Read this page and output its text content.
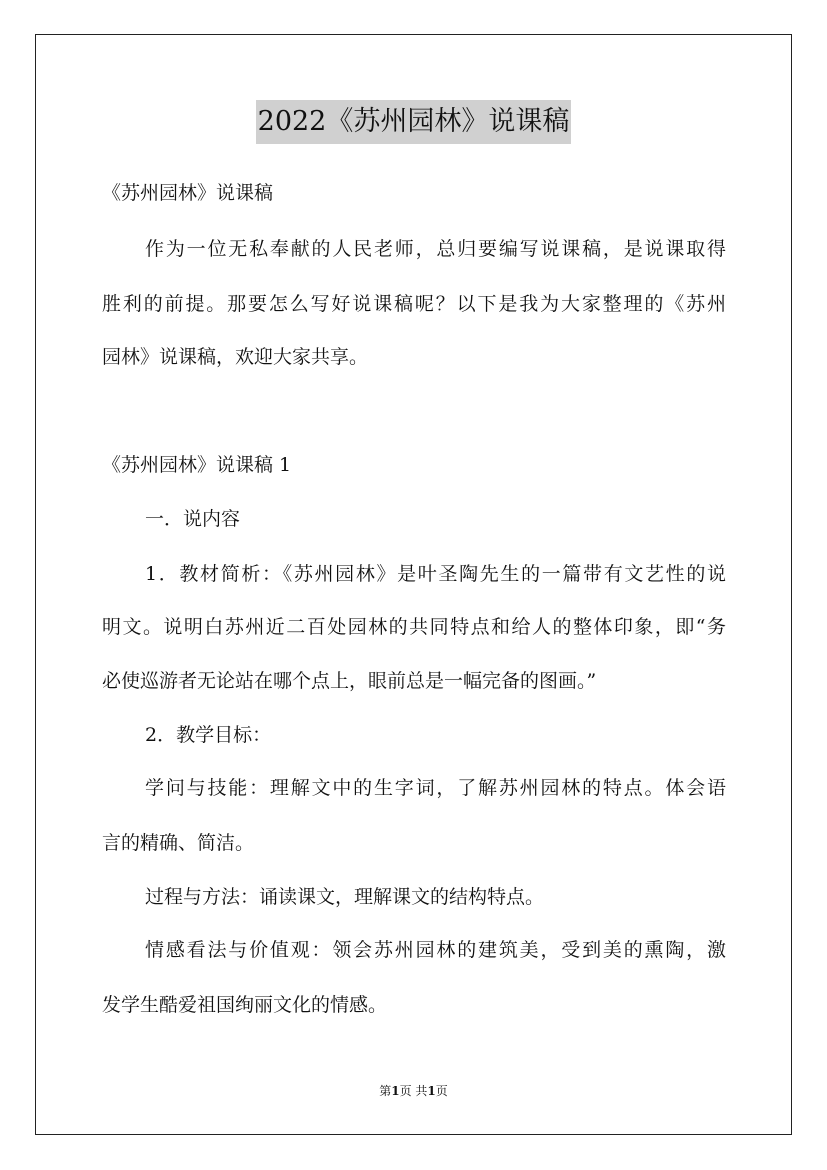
2022《苏州园林》说课稿
《苏州园林》说课稿
作为一位无私奉献的人民老师，总归要编写说课稿，是说课取得
胜利的前提。那要怎么写好说课稿呢？以下是我为大家整理的《苏州
园林》说课稿，欢迎大家共享。
《苏州园林》说课稿 1
一．说内容
1．教材简析：《苏州园林》是叶圣陶先生的一篇带有文艺性的说
明文。说明白苏州近二百处园林的共同特点和给人的整体印象，即“务
必使巡游者无论站在哪个点上，眼前总是一幅完备的图画。”
2．教学目标：
学问与技能：理解文中的生字词，了解苏州园林的特点。体会语
言的精确、简洁。
过程与方法：诵读课文，理解课文的结构特点。
情感看法与价值观：领会苏州园林的建筑美，受到美的熏陶，激
发学生酷爱祖国绚丽文化的情感。
第1页 共1页
